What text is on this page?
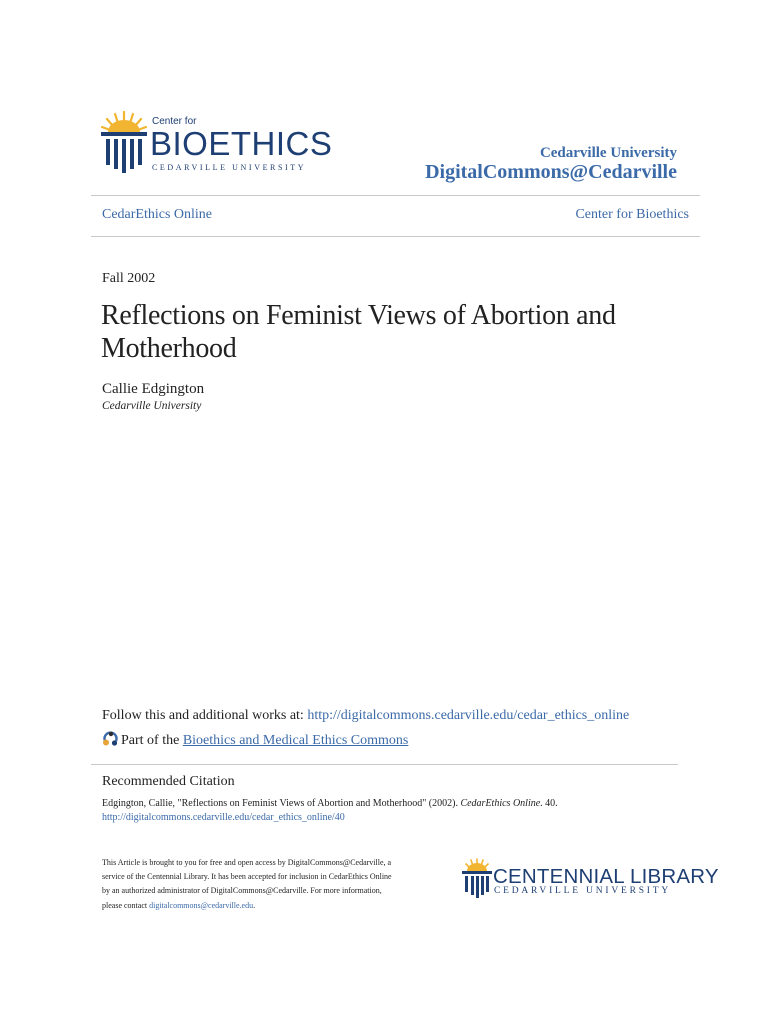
Center for
BIOETHICS
CEDARVILLE UNIVERSITY
Cedarville University
DigitalCommons@Cedarville
CedarEthics Online	Center for Bioethics
Fall 2002
Reflections on Feminist Views of Abortion and Motherhood
Callie Edgington
Cedarville University
Follow this and additional works at: http://digitalcommons.cedarville.edu/cedar_ethics_online
Part of the Bioethics and Medical Ethics Commons
Recommended Citation
Edgington, Callie, "Reflections on Feminist Views of Abortion and Motherhood" (2002). CedarEthics Online. 40.
http://digitalcommons.cedarville.edu/cedar_ethics_online/40
This Article is brought to you for free and open access by DigitalCommons@Cedarville, a service of the Centennial Library. It has been accepted for inclusion in CedarEthics Online by an authorized administrator of DigitalCommons@Cedarville. For more information, please contact digitalcommons@cedarville.edu.
CENTENNIAL LIBRARY
CEDARVILLE UNIVERSITY
